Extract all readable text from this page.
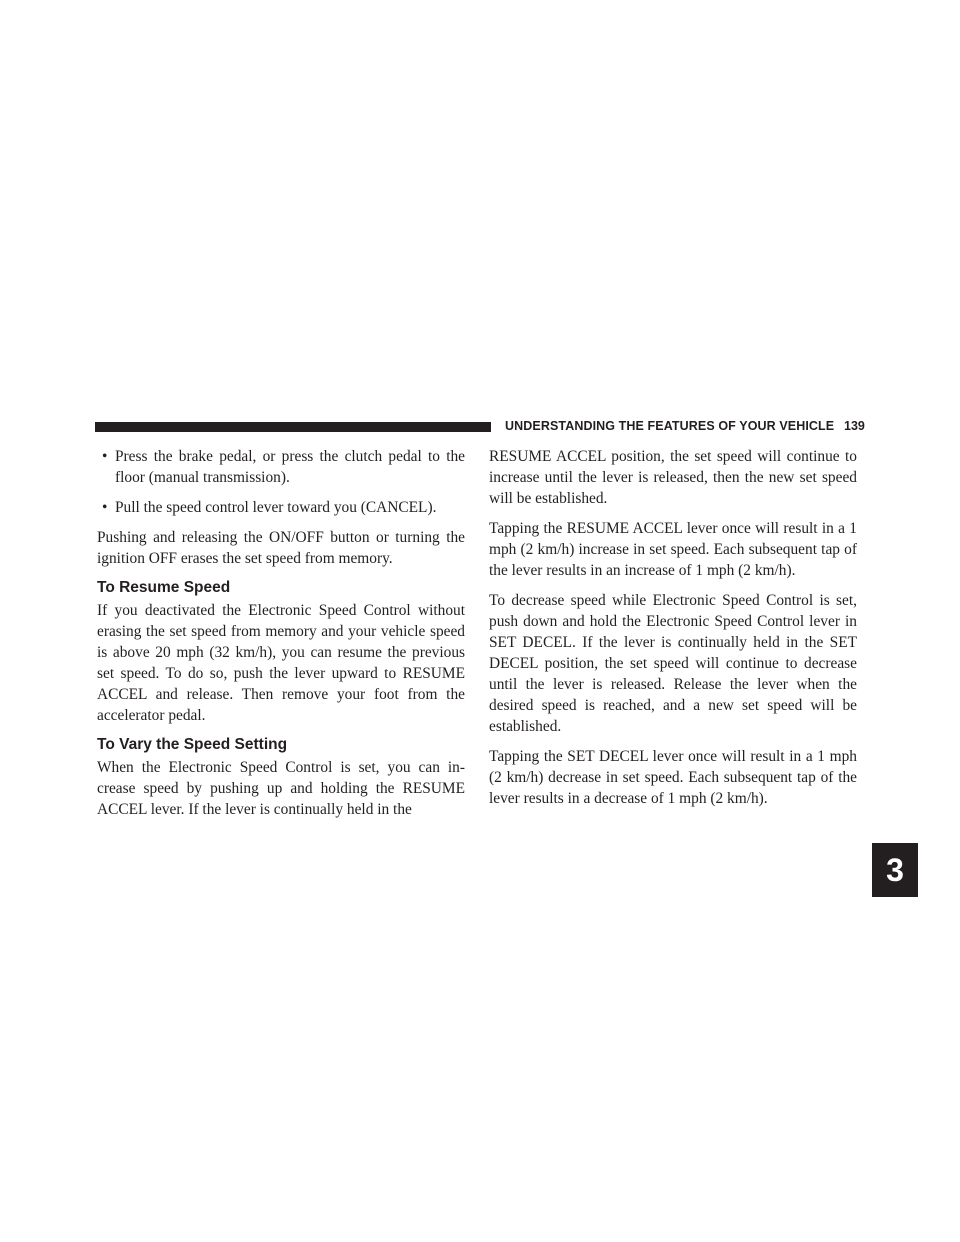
UNDERSTANDING THE FEATURES OF YOUR VEHICLE 139
3
• Press the brake pedal, or press the clutch pedal to the floor (manual transmission).
• Pull the speed control lever toward you (CANCEL).

Pushing and releasing the ON/OFF button or turning the ignition OFF erases the set speed from memory.

To Resume Speed

If you deactivated the Electronic Speed Control without erasing the set speed from memory and your vehicle speed is above 20 mph (32 km/h), you can resume the previous set speed. To do so, push the lever upward to RESUME ACCEL and release. Then remove your foot from the accelerator pedal.

To Vary the Speed Setting

When the Electronic Speed Control is set, you can in-crease speed by pushing up and holding the RESUME ACCEL lever. If the lever is continually held in the

RESUME ACCEL position, the set speed will continue to increase until the lever is released, then the new set speed will be established.

Tapping the RESUME ACCEL lever once will result in a 1 mph (2 km/h) increase in set speed. Each subsequent tap of the lever results in an increase of 1 mph (2 km/h).

To decrease speed while Electronic Speed Control is set, push down and hold the Electronic Speed Control lever in SET DECEL. If the lever is continually held in the SET DECEL position, the set speed will continue to decrease until the lever is released. Release the lever when the desired speed is reached, and a new set speed will be established.

Tapping the SET DECEL lever once will result in a 1 mph (2 km/h) decrease in set speed. Each subsequent tap of the lever results in a decrease of 1 mph (2 km/h).
